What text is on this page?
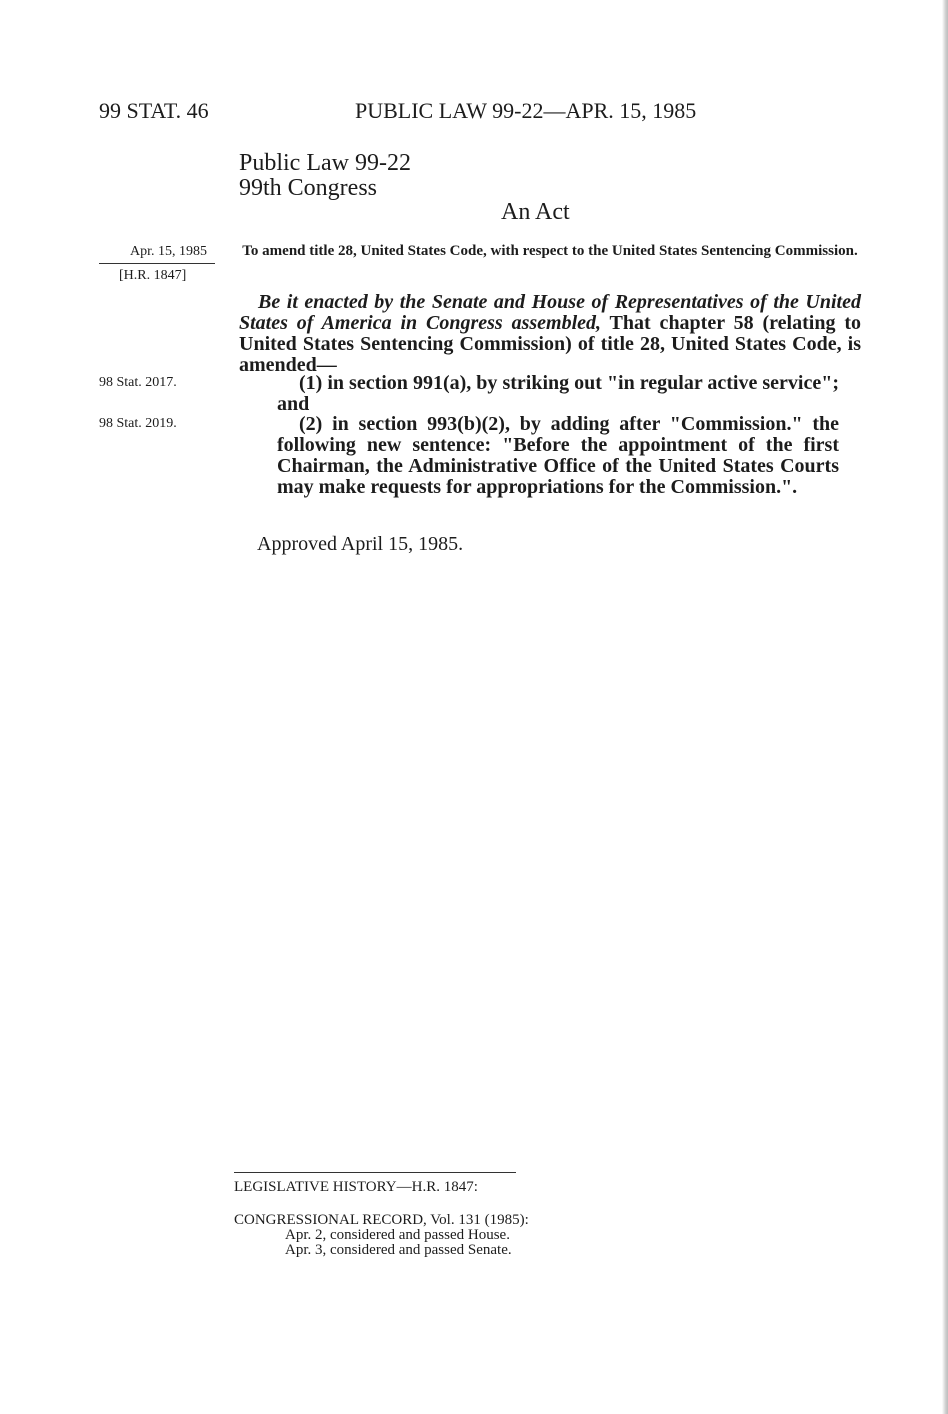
99 STAT. 46	PUBLIC LAW 99-22—APR. 15, 1985
Public Law 99-22
99th Congress
An Act
Apr. 15, 1985
[H.R. 1847]
To amend title 28, United States Code, with respect to the United States Sentencing Commission.
Be it enacted by the Senate and House of Representatives of the United States of America in Congress assembled, That chapter 58 (relating to United States Sentencing Commission) of title 28, United States Code, is amended—
98 Stat. 2017.	(1) in section 991(a), by striking out "in regular active service"; and
98 Stat. 2019.	(2) in section 993(b)(2), by adding after "Commission." the following new sentence: "Before the appointment of the first Chairman, the Administrative Office of the United States Courts may make requests for appropriations for the Commission.".
Approved April 15, 1985.
LEGISLATIVE HISTORY—H.R. 1847:
CONGRESSIONAL RECORD, Vol. 131 (1985):
Apr. 2, considered and passed House.
Apr. 3, considered and passed Senate.
